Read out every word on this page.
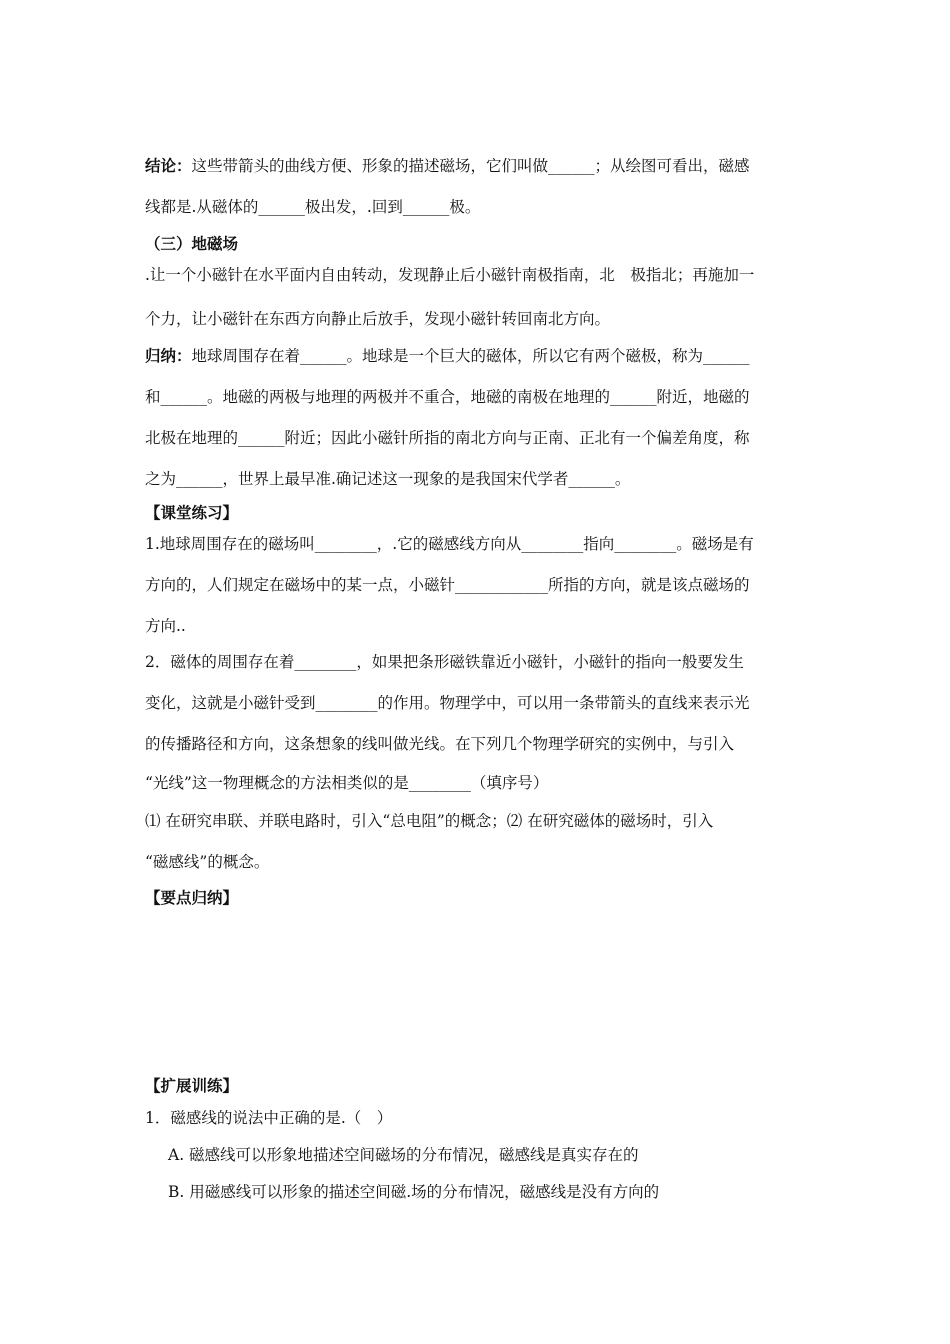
结论：这些带箭头的曲线方便、形象的描述磁场，它们叫做______；从绘图可看出，磁感
线都是.从磁体的______极出发，.回到______极。
（三）地磁场
.让一个小磁针在水平面内自由转动，发现静止后小磁针南极指南，北　极指北；再施加一
个力，让小磁针在东西方向静止后放手，发现小磁针转回南北方向。
归纳：地球周围存在着______。地球是一个巨大的磁体，所以它有两个磁极，称为______
和______。地磁的两极与地理的两极并不重合，地磁的南极在地理的______附近，地磁的
北极在地理的______附近；因此小磁针所指的南北方向与正南、正北有一个偏差角度，称
之为______，世界上最早准.确记述这一现象的是我国宋代学者______。
【课堂练习】
1.地球周围存在的磁场叫________，.它的磁感线方向从________指向________。磁场是有
方向的，人们规定在磁场中的某一点，小磁针____________所指的方向，就是该点磁场的
方向..
2．磁体的周围存在着________，如果把条形磁铁靠近小磁针，小磁针的指向一般要发生
变化，这就是小磁针受到________的作用。物理学中，可以用一条带箭头的直线来表示光
的传播路径和方向，这条想象的线叫做光线。在下列几个物理学研究的实例中，与引入
“光线”这一物理概念的方法相类似的是________（填序号）
⑴ 在研究串联、并联电路时，引入“总电阻”的概念；⑵ 在研究磁体的磁场时，引入
“磁感线”的概念。
【要点归纳】
【扩展训练】
1．磁感线的说法中正确的是.（　）
A. 磁感线可以形象地描述空间磁场的分布情况，磁感线是真实存在的
B. 用磁感线可以形象的描述空间磁.场的分布情况，磁感线是没有方向的
